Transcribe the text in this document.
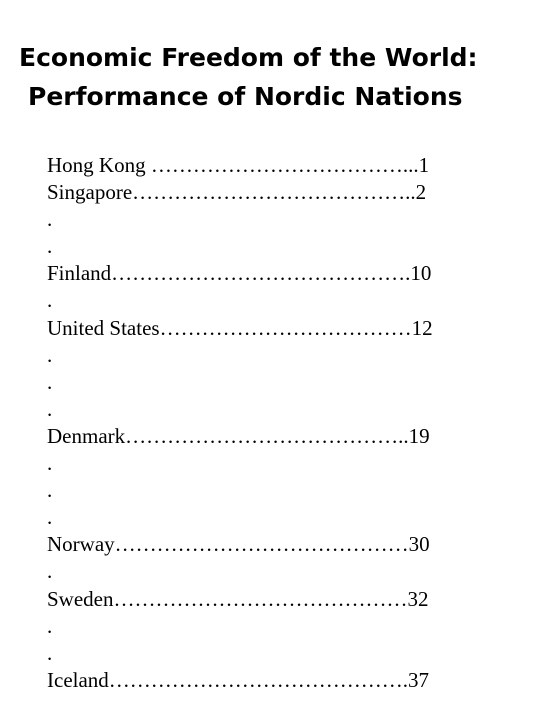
Economic Freedom of the World:
Performance of Nordic Nations
Hong Kong ………………………………...1
Singapore…………………………………..2
.
.
Finland…………………………………….10
.
United States………………………………12
.
.
.
Denmark…………………………………..19
.
.
.
Norway……………………………………30
.
Sweden……………………………………32
.
.
Iceland…………………………………….37
